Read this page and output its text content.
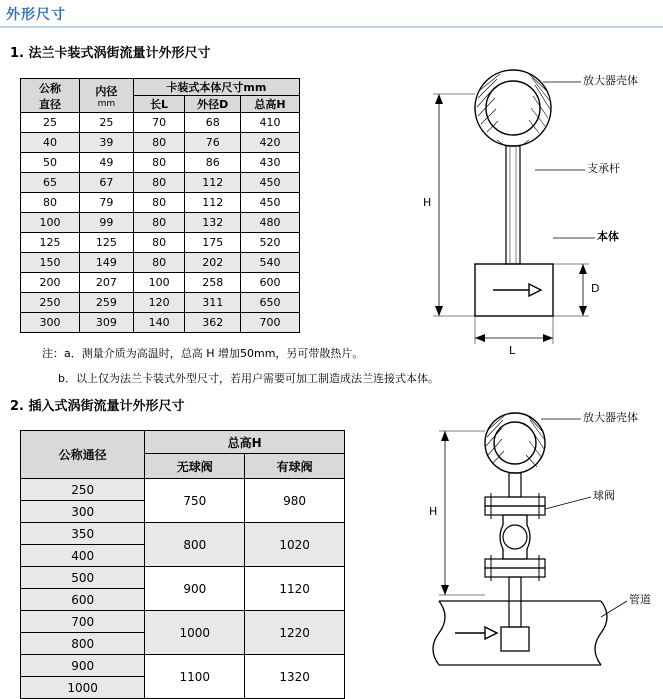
外形尺寸
1. 法兰卡装式涡街流量计外形尺寸
公称
直径	内径
mm	卡装式本体尺寸mm		
		长L	外径D	总高H
25	25	70	68	410
40	39	80	76	420
50	49	80	86	430
65	67	80	112	450
80	79	80	112	450
100	99	80	132	480
125	125	80	175	520
150	149	80	202	540
200	207	100	258	600
250	259	120	311	650
300	309	140	362	700
注：a．测量介质为高温时，总高 H 增加50mm，另可带散热片。
b．以上仅为法兰卡装式外型尺寸，若用户需要可加工制造成法兰连接式本体。
放大器壳体
支承杆
本体
H
L
D
2. 插入式涡街流量计外形尺寸
公称通径	总高H	
	无球阀	有球阀
250	750	980
300		
350	800	1020
400		
500	900	1120
600		
700	1000	1220
800		
900	1100	1320
1000		
放大器壳体
球阀
管道
H
